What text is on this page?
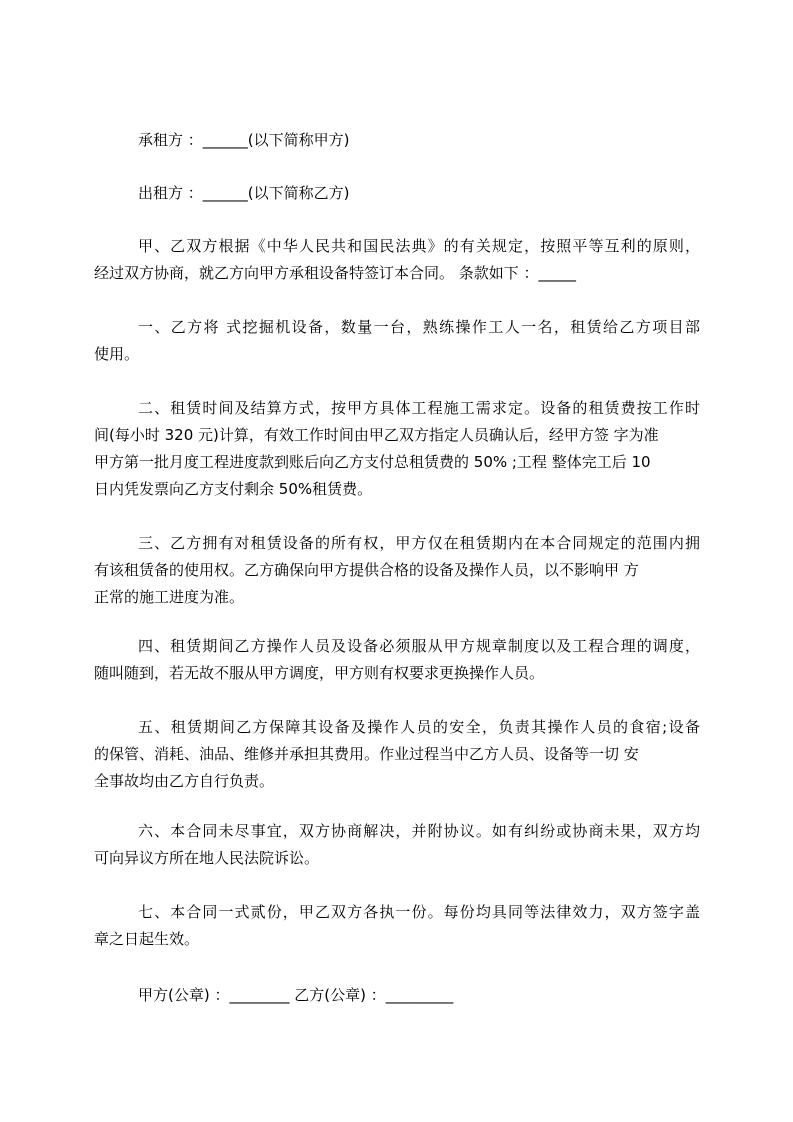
承租方 ：______(以下简称甲方)
出租方 ：______(以下简称乙方)
甲、乙双方根据《中华人民共和国民法典》的有关规定，按照平等互利的原则，
经过双方协商，就乙方向甲方承租设备特签订本合同。 条款如下 ：_____
一、乙方将 式挖掘机设备，数量一台，熟练操作工人一名，租赁给乙方项目部
使用。
二、租赁时间及结算方式，按甲方具体工程施工需求定。设备的租赁费按工作时
间(每小时 320 元)计算，有效工作时间由甲乙双方指定人员确认后，经甲方签 字为准
甲方第一批月度工程进度款到账后向乙方支付总租赁费的 50% ;工程 整体完工后 10
日内凭发票向乙方支付剩余 50%租赁费。
三、乙方拥有对租赁设备的所有权，甲方仅在租赁期内在本合同规定的范围内拥
有该租赁备的使用权。乙方确保向甲方提供合格的设备及操作人员，以不影响甲 方
正常的施工进度为准。
四、租赁期间乙方操作人员及设备必须服从甲方规章制度以及工程合理的调度，
随叫随到，若无故不服从甲方调度，甲方则有权要求更换操作人员。
五、租赁期间乙方保障其设备及操作人员的安全，负责其操作人员的食宿;设备
的保管、消耗、油品、维修并承担其费用。作业过程当中乙方人员、设备等一切 安
全事故均由乙方自行负责。
六、本合同未尽事宜，双方协商解决，并附协议。如有纠纷或协商未果，双方均
可向异议方所在地人民法院诉讼。
七、本合同一式贰份，甲乙双方各执一份。每份均具同等法律效力，双方签字盖
章之日起生效。
甲方(公章) ：________ 乙方(公章) ：_________
